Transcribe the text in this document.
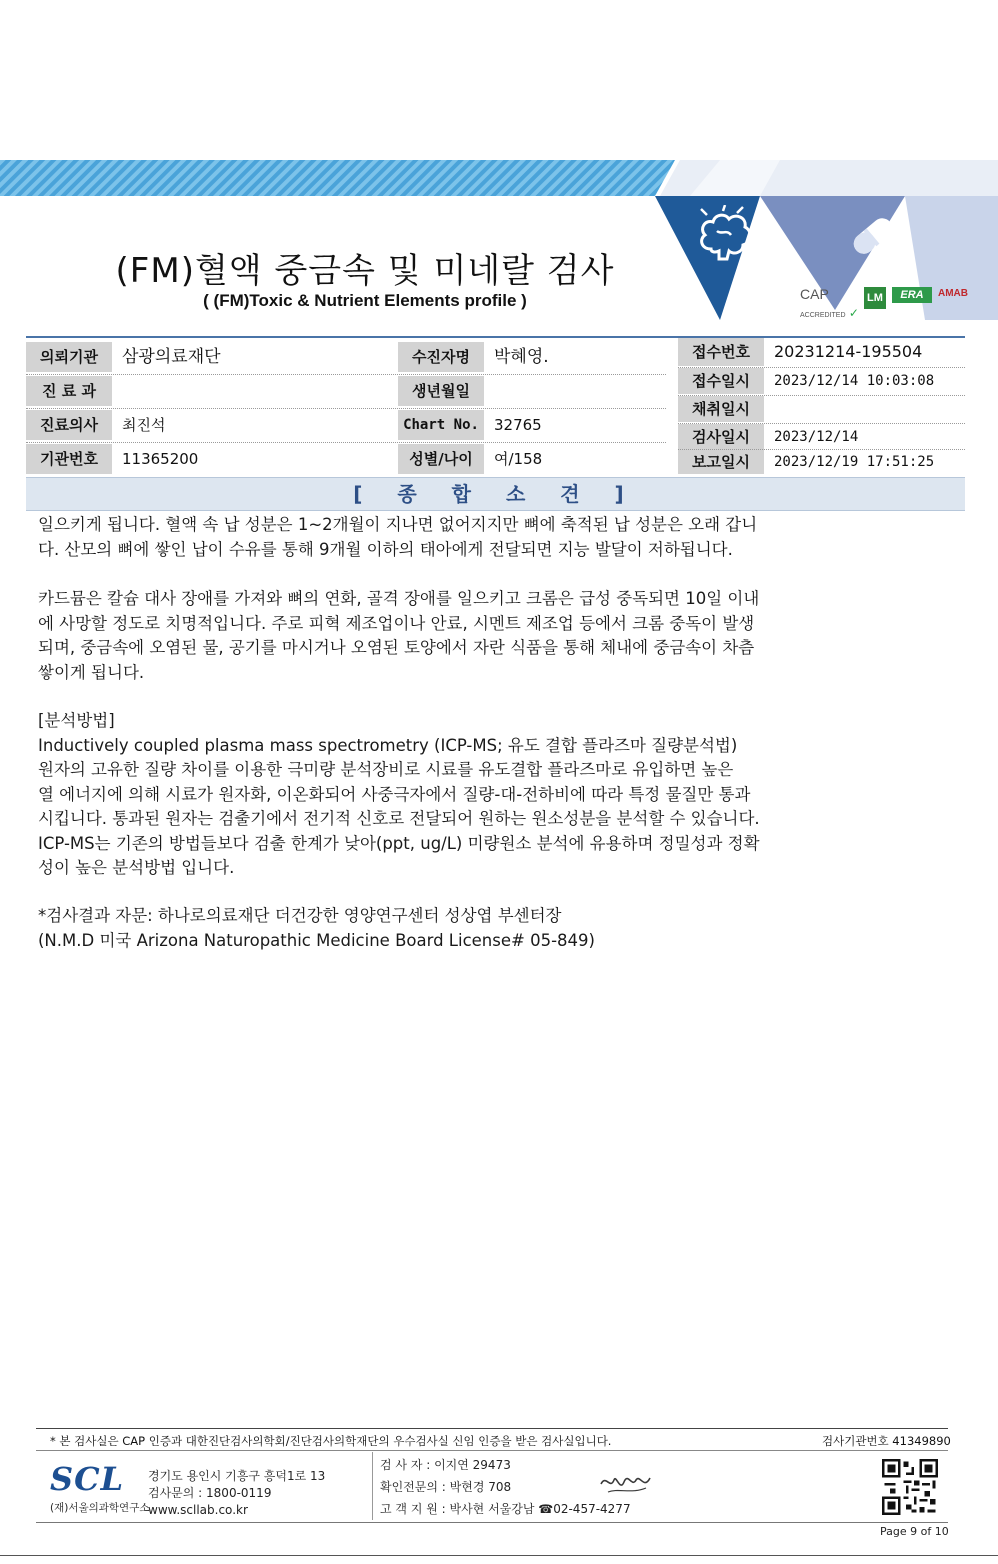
CAP
ACCREDITED ✓
LM	ERA	AMAB
(FM)혈액 중금속 및 미네랄 검사
( (FM)Toxic & Nutrient Elements profile )
의뢰기관	삼광의료재단
진 료 과
진료의사	최진석
기관번호	11365200
수진자명	박혜영.
생년월일
Chart No.	32765
성별/나이	여/158
접수번호	20231214-195504
접수일시	2023/12/14 10:03:08
채취일시
검사일시	2023/12/14
보고일시	2023/12/19 17:51:25
[ 종 합 소 견 ]

일으키게 됩니다. 혈액 속 납 성분은 1~2개월이 지나면 없어지지만 뼈에 축적된 납 성분은 오래 갑니

다. 산모의 뼈에 쌓인 납이 수유를 통해 9개월 이하의 태아에게 전달되면 지능 발달이 저하됩니다.

카드뮴은 칼슘 대사 장애를 가져와 뼈의 연화, 골격 장애를 일으키고 크롬은 급성 중독되면 10일 이내

에 사망할 정도로 치명적입니다. 주로 피혁 제조업이나 안료, 시멘트 제조업 등에서 크롬 중독이 발생

되며, 중금속에 오염된 물, 공기를 마시거나 오염된 토양에서 자란 식품을 통해 체내에 중금속이 차츰

쌓이게 됩니다.

[분석방법]

Inductively coupled plasma mass spectrometry (ICP-MS; 유도 결합 플라즈마 질량분석법)

원자의 고유한 질량 차이를 이용한 극미량 분석장비로 시료를 유도결합 플라즈마로 유입하면 높은

열 에너지에 의해 시료가 원자화, 이온화되어 사중극자에서 질량-대-전하비에 따라 특정 물질만 통과

시킵니다. 통과된 원자는 검출기에서 전기적 신호로 전달되어 원하는 원소성분을 분석할 수 있습니다.

ICP-MS는 기존의 방법들보다 검출 한계가 낮아(ppt, ug/L) 미량원소 분석에 유용하며 정밀성과 정확

성이 높은 분석방법 입니다.

*검사결과 자문: 하나로의료재단 더건강한 영양연구센터 성상엽 부센터장

(N.M.D 미국 Arizona Naturopathic Medicine Board License# 05-849)

* 본 검사실은 CAP 인증과 대한진단검사의학회/진단검사의학재단의 우수검사실 신임 인증을 받은 검사실입니다.	검사기관번호 41349890
SCL
(재)서울의과학연구소
경기도 용인시 기흥구 흥덕1로 13
검사문의 : 1800-0119
www.scllab.co.kr
검 사 자 : 이지연 29473
확인전문의 : 박현경 708
고 객 지 원 : 박사현 서울강남 ☎02-457-4277
Page 9 of 10
